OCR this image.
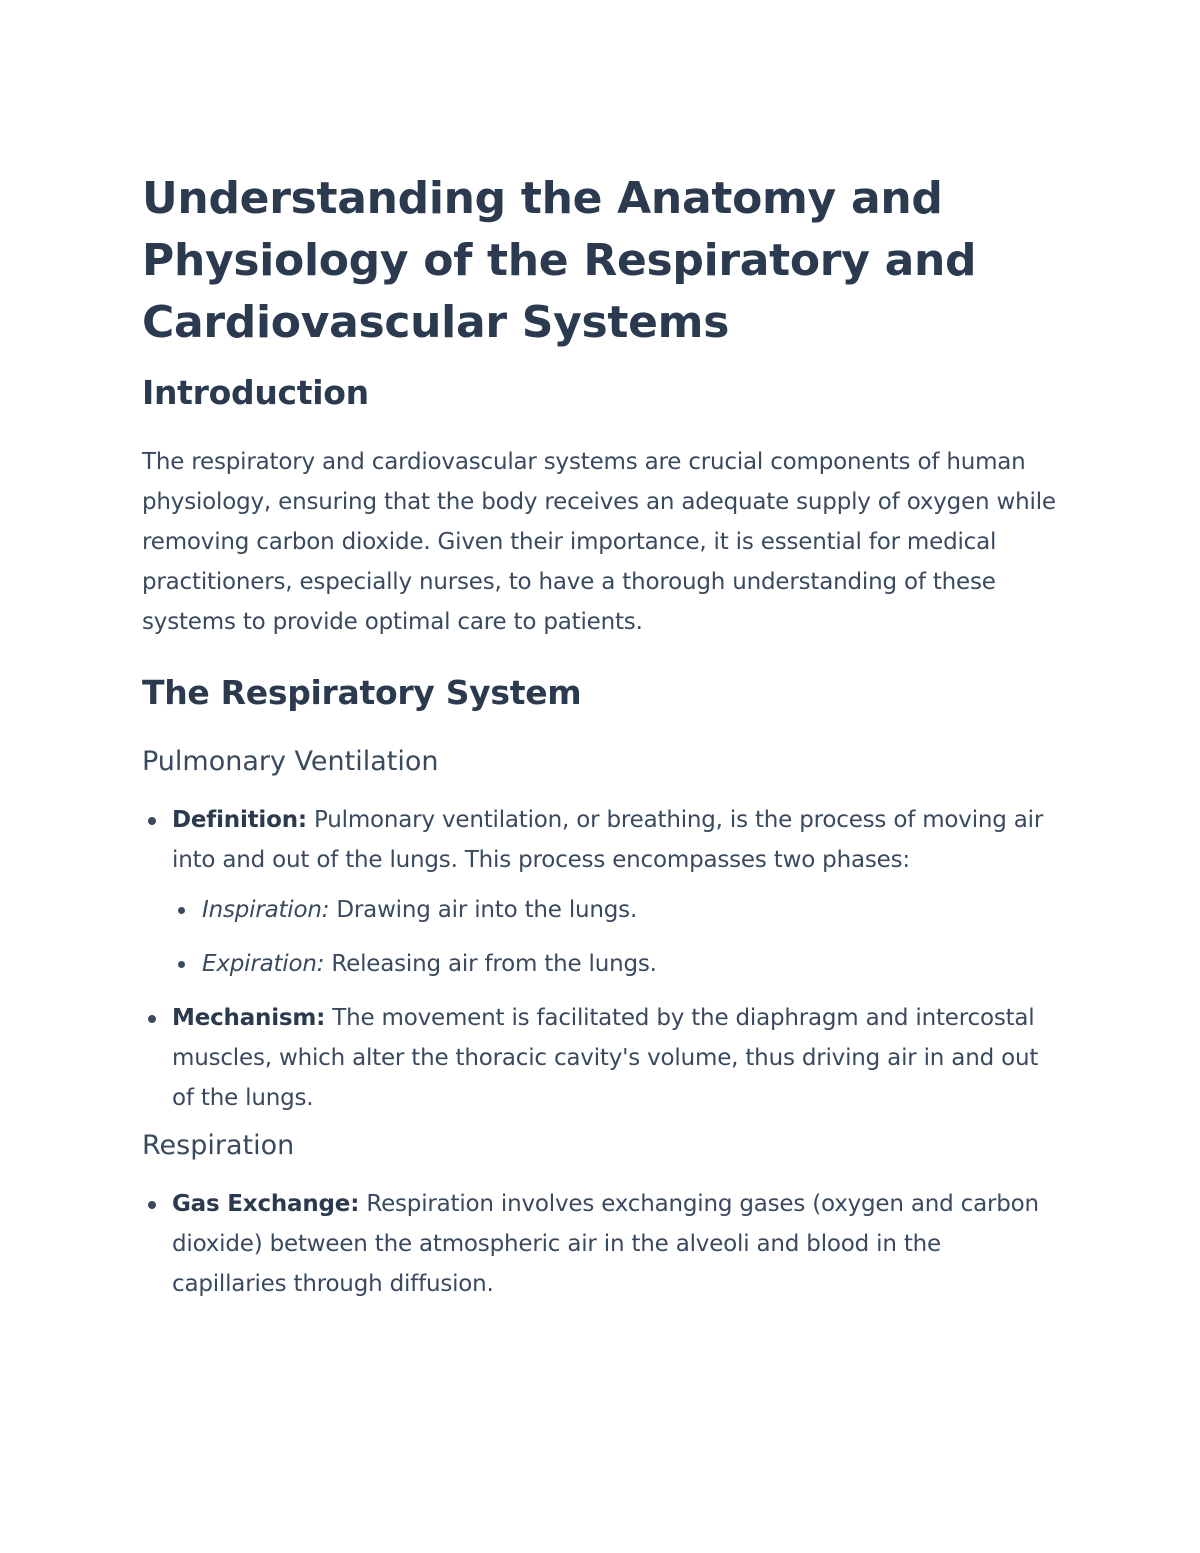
Understanding the Anatomy and Physiology of the Respiratory and Cardiovascular Systems
Introduction

The respiratory and cardiovascular systems are crucial components of human physiology, ensuring that the body receives an adequate supply of oxygen while removing carbon dioxide. Given their importance, it is essential for medical practitioners, especially nurses, to have a thorough understanding of these systems to provide optimal care to patients.

The Respiratory System
Pulmonary Ventilation
Definition: Pulmonary ventilation, or breathing, is the process of moving air into and out of the lungs. This process encompasses two phases:
Inspiration: Drawing air into the lungs.
Expiration: Releasing air from the lungs.
Mechanism: The movement is facilitated by the diaphragm and intercostal muscles, which alter the thoracic cavity's volume, thus driving air in and out of the lungs.
Respiration
Gas Exchange: Respiration involves exchanging gases (oxygen and carbon dioxide) between the atmospheric air in the alveoli and blood in the capillaries through diffusion.
